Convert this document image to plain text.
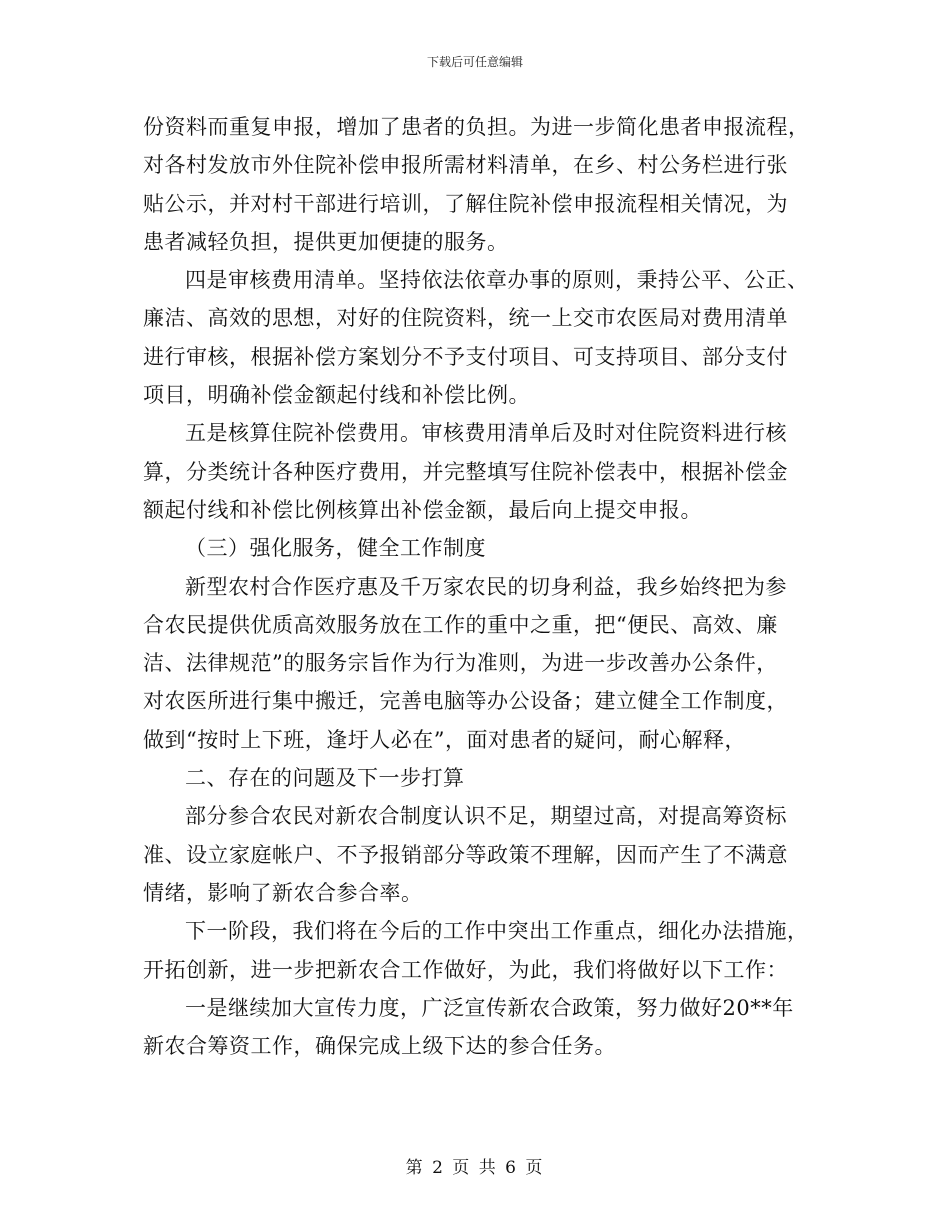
下载后可任意编辑
份资料而重复申报，增加了患者的负担。为进一步简化患者申报流程，
对各村发放市外住院补偿申报所需材料清单，在乡、村公务栏进行张
贴公示，并对村干部进行培训，了解住院补偿申报流程相关情况，为
患者减轻负担，提供更加便捷的服务。
四是审核费用清单。坚持依法依章办事的原则，秉持公平、公正、
廉洁、高效的思想，对好的住院资料，统一上交市农医局对费用清单
进行审核，根据补偿方案划分不予支付项目、可支持项目、部分支付
项目，明确补偿金额起付线和补偿比例。
五是核算住院补偿费用。审核费用清单后及时对住院资料进行核
算，分类统计各种医疗费用，并完整填写住院补偿表中，根据补偿金
额起付线和补偿比例核算出补偿金额，最后向上提交申报。
（三）强化服务，健全工作制度
新型农村合作医疗惠及千万家农民的切身利益，我乡始终把为参
合农民提供优质高效服务放在工作的重中之重，把“便民、高效、廉
洁、法律规范”的服务宗旨作为行为准则，为进一步改善办公条件，
对农医所进行集中搬迁，完善电脑等办公设备；建立健全工作制度，
做到“按时上下班，逢圩人必在”，面对患者的疑问，耐心解释，
二、存在的问题及下一步打算
部分参合农民对新农合制度认识不足，期望过高，对提高筹资标
准、设立家庭帐户、不予报销部分等政策不理解，因而产生了不满意
情绪，影响了新农合参合率。
下一阶段，我们将在今后的工作中突出工作重点，细化办法措施，
开拓创新，进一步把新农合工作做好，为此，我们将做好以下工作：
一是继续加大宣传力度，广泛宣传新农合政策，努力做好20**年
新农合筹资工作，确保完成上级下达的参合任务。
第 2 页 共 6 页
